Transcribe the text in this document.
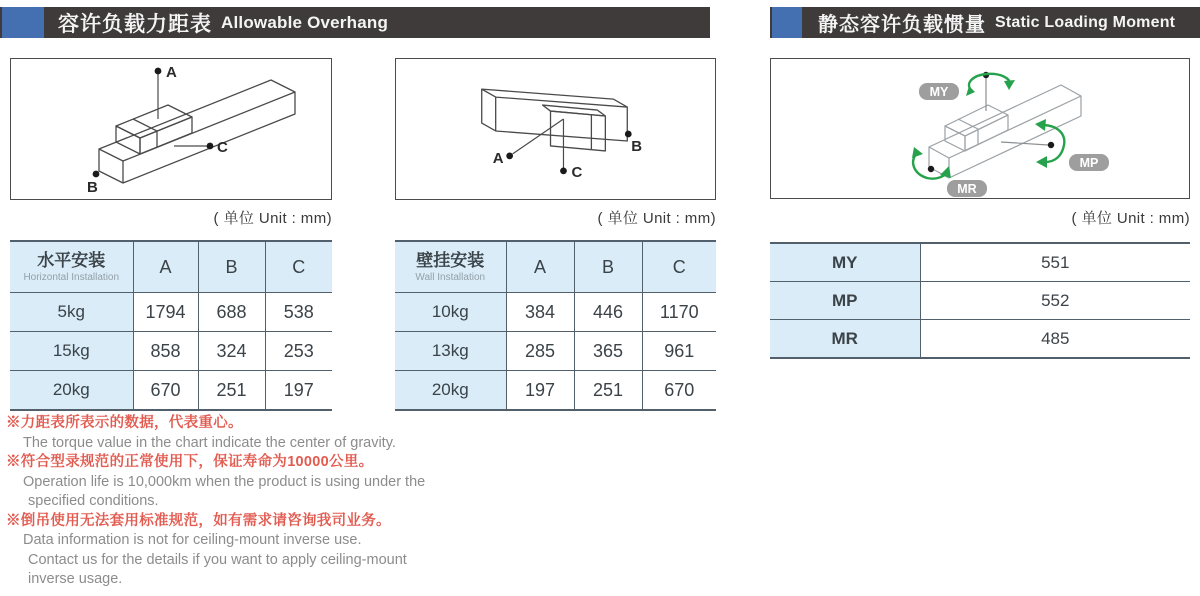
容许负载力距表 Allowable Overhang	静态容许负载惯量 Static Loading Moment
A
C
B
A
C
B
MY
MP
MR
( 单位 Unit : mm)	( 单位 Unit : mm)	( 单位 Unit : mm)
水平安装
Horizontal Installation	A	B	C
5kg	1794	688	538
15kg	858	324	253
20kg	670	251	197
壁挂安装
Wall Installation	A	B	C
10kg	384	446	1170
13kg	285	365	961
20kg	197	251	670
MY	551
MP	552
MR	485
※力距表所表示的数据，代表重心。
The torque value in the chart indicate the center of gravity.
※符合型录规范的正常使用下，保证寿命为10000公里。
Operation life is 10,000km when the product is using under the
specified conditions.
※倒吊使用无法套用标准规范，如有需求请咨询我司业务。
Data information is not for ceiling-mount inverse use.
Contact us for the details if you want to apply ceiling-mount
inverse usage.
